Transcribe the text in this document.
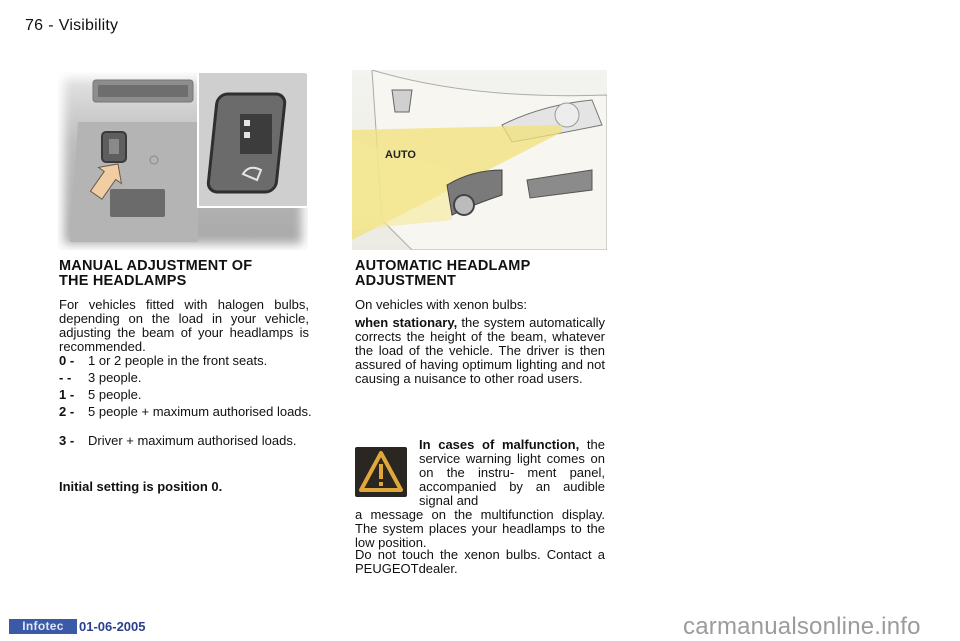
76 - Visibility
AUTO
MANUAL ADJUSTMENT OF
THE HEADLAMPS

For vehicles fitted with halogen bulbs, depending on the load in your vehicle, adjusting the beam of your headlamps is recommended.

0 -	1 or 2 people in the front seats.
- -	3 people.
1 -	5 people.
2 -	5 people + maximum authorised loads.
3 -	Driver + maximum authorised loads.

Initial setting is position 0.

AUTOMATIC HEADLAMP
ADJUSTMENT

On vehicles with xenon bulbs:

when stationary, the system automatically corrects the height of the beam, whatever the load of the vehicle. The driver is then assured of having optimum lighting and not causing a nuisance to other road users.

In cases of malfunction, the service warning light comes on on the instru- ment panel, accompanied by an audible signal and

a message on the multifunction display. The system places your headlamps to the low position.

Do not touch the xenon bulbs. Contact a PEUGEOTdealer.

Infotec	01-06-2005	carmanualsonline.info
